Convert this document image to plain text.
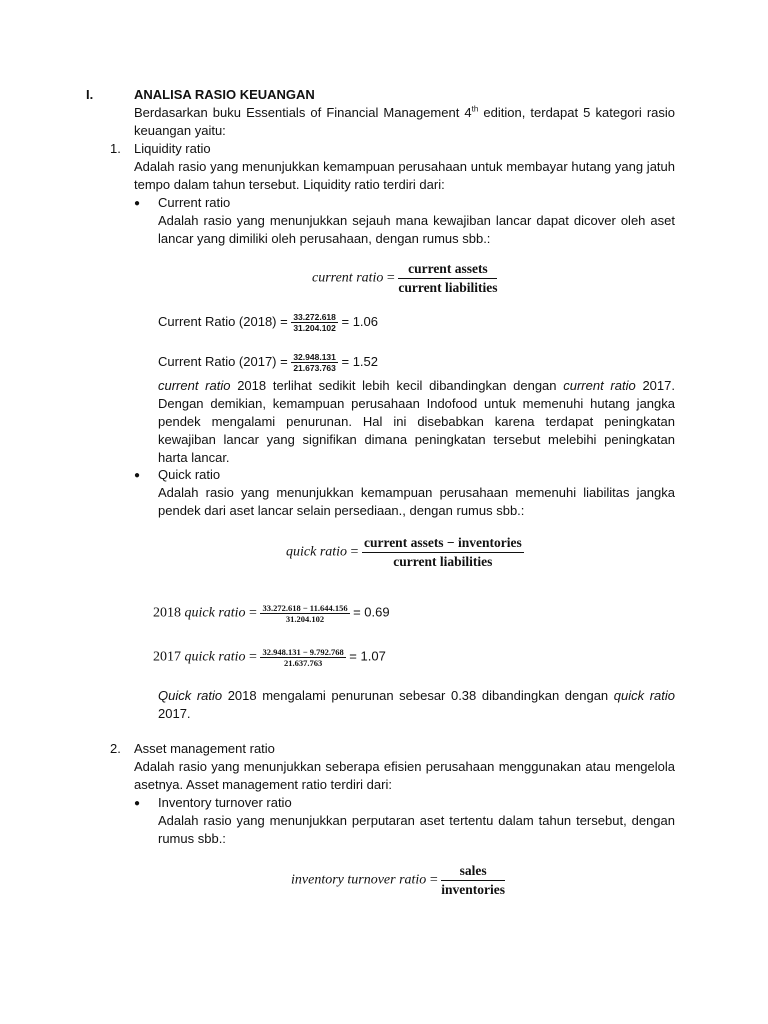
I.	ANALISA RASIO KEUANGAN
Berdasarkan buku Essentials of Financial Management 4th edition, terdapat 5 kategori rasio keuangan yaitu:
1. Liquidity ratio
Adalah rasio yang menunjukkan kemampuan perusahaan untuk membayar hutang yang jatuh tempo dalam tahun tersebut. Liquidity ratio terdiri dari:
● Current ratio
Adalah rasio yang menunjukkan sejauh mana kewajiban lancar dapat dicover oleh aset lancar yang dimiliki oleh perusahaan, dengan rumus sbb.:
current ratio = $\frac{\text{current assets}}{\text{current liabilities}}$
Current Ratio $(2018) = \frac{33.272.618}{31.204.102} = 1.06$
Current Ratio $(2017) = \frac{32.948.131}{21.673.763} = 1.52$
current ratio 2018 terlihat sedikit lebih kecil dibandingkan dengan current ratio 2017. Dengan demikian, kemampuan perusahaan Indofood untuk memenuhi hutang jangka pendek mengalami penurunan. Hal ini disebabkan karena terdapat peningkatan kewajiban lancar yang signifikan dimana peningkatan tersebut melebihi peningkatan harta lancar.
● Quick ratio
Adalah rasio yang menunjukkan kemampuan perusahaan memenuhi liabilitas jangka pendek dari aset lancar selain persediaan., dengan rumus sbb.:
quick ratio = $\frac{\text{current assets − inventories}}{\text{current liabilities}}$
2018 quick ratio = $\frac{33.272.618 - 11.644.156}{31.204.102} = 0.69$
2017 quick ratio = $\frac{32.948.131 - 9.792.768}{21.637.763} = 1.07$
Quick ratio 2018 mengalami penurunan sebesar 0.38 dibandingkan dengan quick ratio 2017.
2. Asset management ratio
Adalah rasio yang menunjukkan seberapa efisien perusahaan menggunakan atau mengelola asetnya. Asset management ratio terdiri dari:
● Inventory turnover ratio
Adalah rasio yang menunjukkan perputaran aset tertentu dalam tahun tersebut, dengan rumus sbb.:
inventory turnover ratio = $\frac{\text{sales}}{\text{inventories}}$
